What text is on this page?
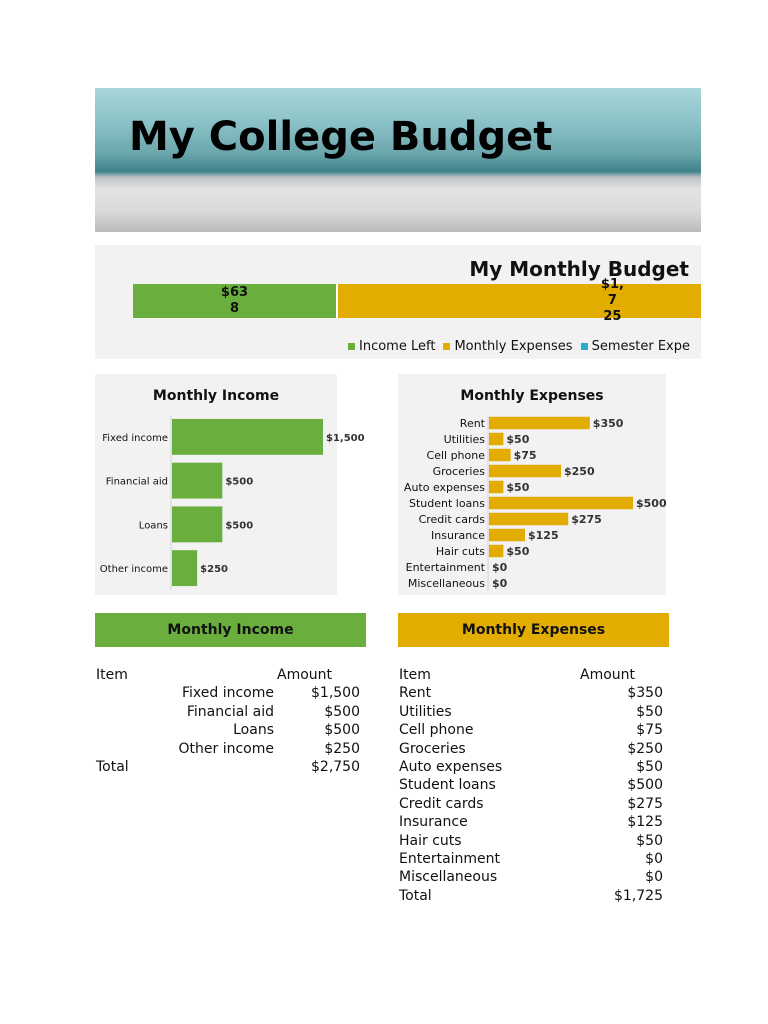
My College Budget
My Monthly Budget
$63
8
$1,7
25
Income Left Monthly Expenses Semester Expe
Monthly Income
Fixed income	$1,500
Financial aid	$500
Loans	$500
Other income	$250
Monthly Expenses
Rent	$350
Utilities $50
Cell phone	$75
Groceries	$250
Auto expenses $50
Student loans	$500
Credit cards	$275
Insurance	$125
Hair cuts $50
Entertainment $0
Miscellaneous $0
Monthly Income	Monthly Expenses
Item	Amount
Fixed income	$1,500
Financial aid	$500
Loans	$500
Other income	$250
Total	$2,750
Item	Amount
Rent	$350
Utilities	$50
Cell phone	$75
Groceries	$250
Auto expenses	$50
Student loans	$500
Credit cards	$275
Insurance	$125
Hair cuts	$50
Entertainment	$0
Miscellaneous	$0
Total	$1,725
